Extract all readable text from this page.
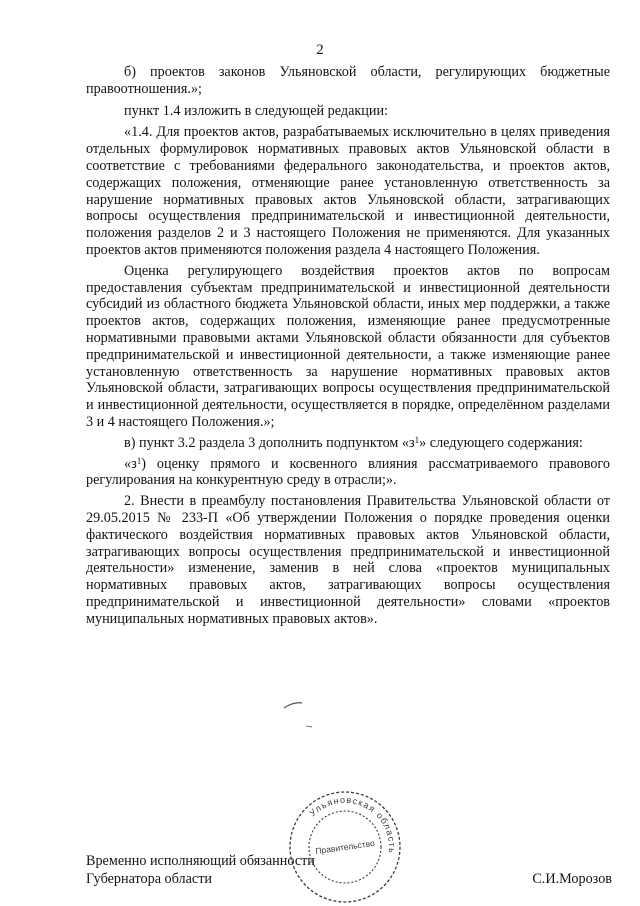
2

б) проектов законов Ульяновской области, регулирующих бюджетные правоотношения.»;

пункт 1.4 изложить в следующей редакции:

«1.4. Для проектов актов, разрабатываемых исключительно в целях приведения отдельных формулировок нормативных правовых актов Ульяновской области в соответствие с требованиями федерального законодательства, и проектов актов, содержащих положения, отменяющие ранее установленную ответственность за нарушение нормативных правовых актов Ульяновской области, затрагивающих вопросы осуществления предпринимательской и инвестиционной деятельности, положения разделов 2 и 3 настоящего Положения не применяются. Для указанных проектов актов применяются положения раздела 4 настоящего Положения.

Оценка регулирующего воздействия проектов актов по вопросам предоставления субъектам предпринимательской и инвестиционной деятельности субсидий из областного бюджета Ульяновской области, иных мер поддержки, а также проектов актов, содержащих положения, изменяющие ранее предусмотренные нормативными правовыми актами Ульяновской области обязанности для субъектов предпринимательской и инвестиционной деятельности, а также изменяющие ранее установленную ответственность за нарушение нормативных правовых актов Ульяновской области, затрагивающих вопросы осуществления предпринимательской и инвестиционной деятельности, осуществляется в порядке, определённом разделами 3 и 4 настоящего Положения.»;

в) пункт 3.2 раздела 3 дополнить подпунктом «$з^1$» следующего содержания:

«$з^1$) оценку прямого и косвенного влияния рассматриваемого правового регулирования на конкурентную среду в отрасли;».

2. Внести в преамбулу постановления Правительства Ульяновской области от 29.05.2015 № 233-П «Об утверждении Положения о порядке проведения оценки фактического воздействия нормативных правовых актов Ульяновской области, затрагивающих вопросы осуществления предпринимательской и инвестиционной деятельности» изменение, заменив в ней слова «проектов муниципальных нормативных правовых актов, затрагивающих вопросы осуществления предпринимательской и инвестиционной деятельности» словами «проектов муниципальных нормативных правовых актов».

Ульяновская область
Правительство
Временно исполняющий обязанности
Губернатора области	С.И.Морозов
